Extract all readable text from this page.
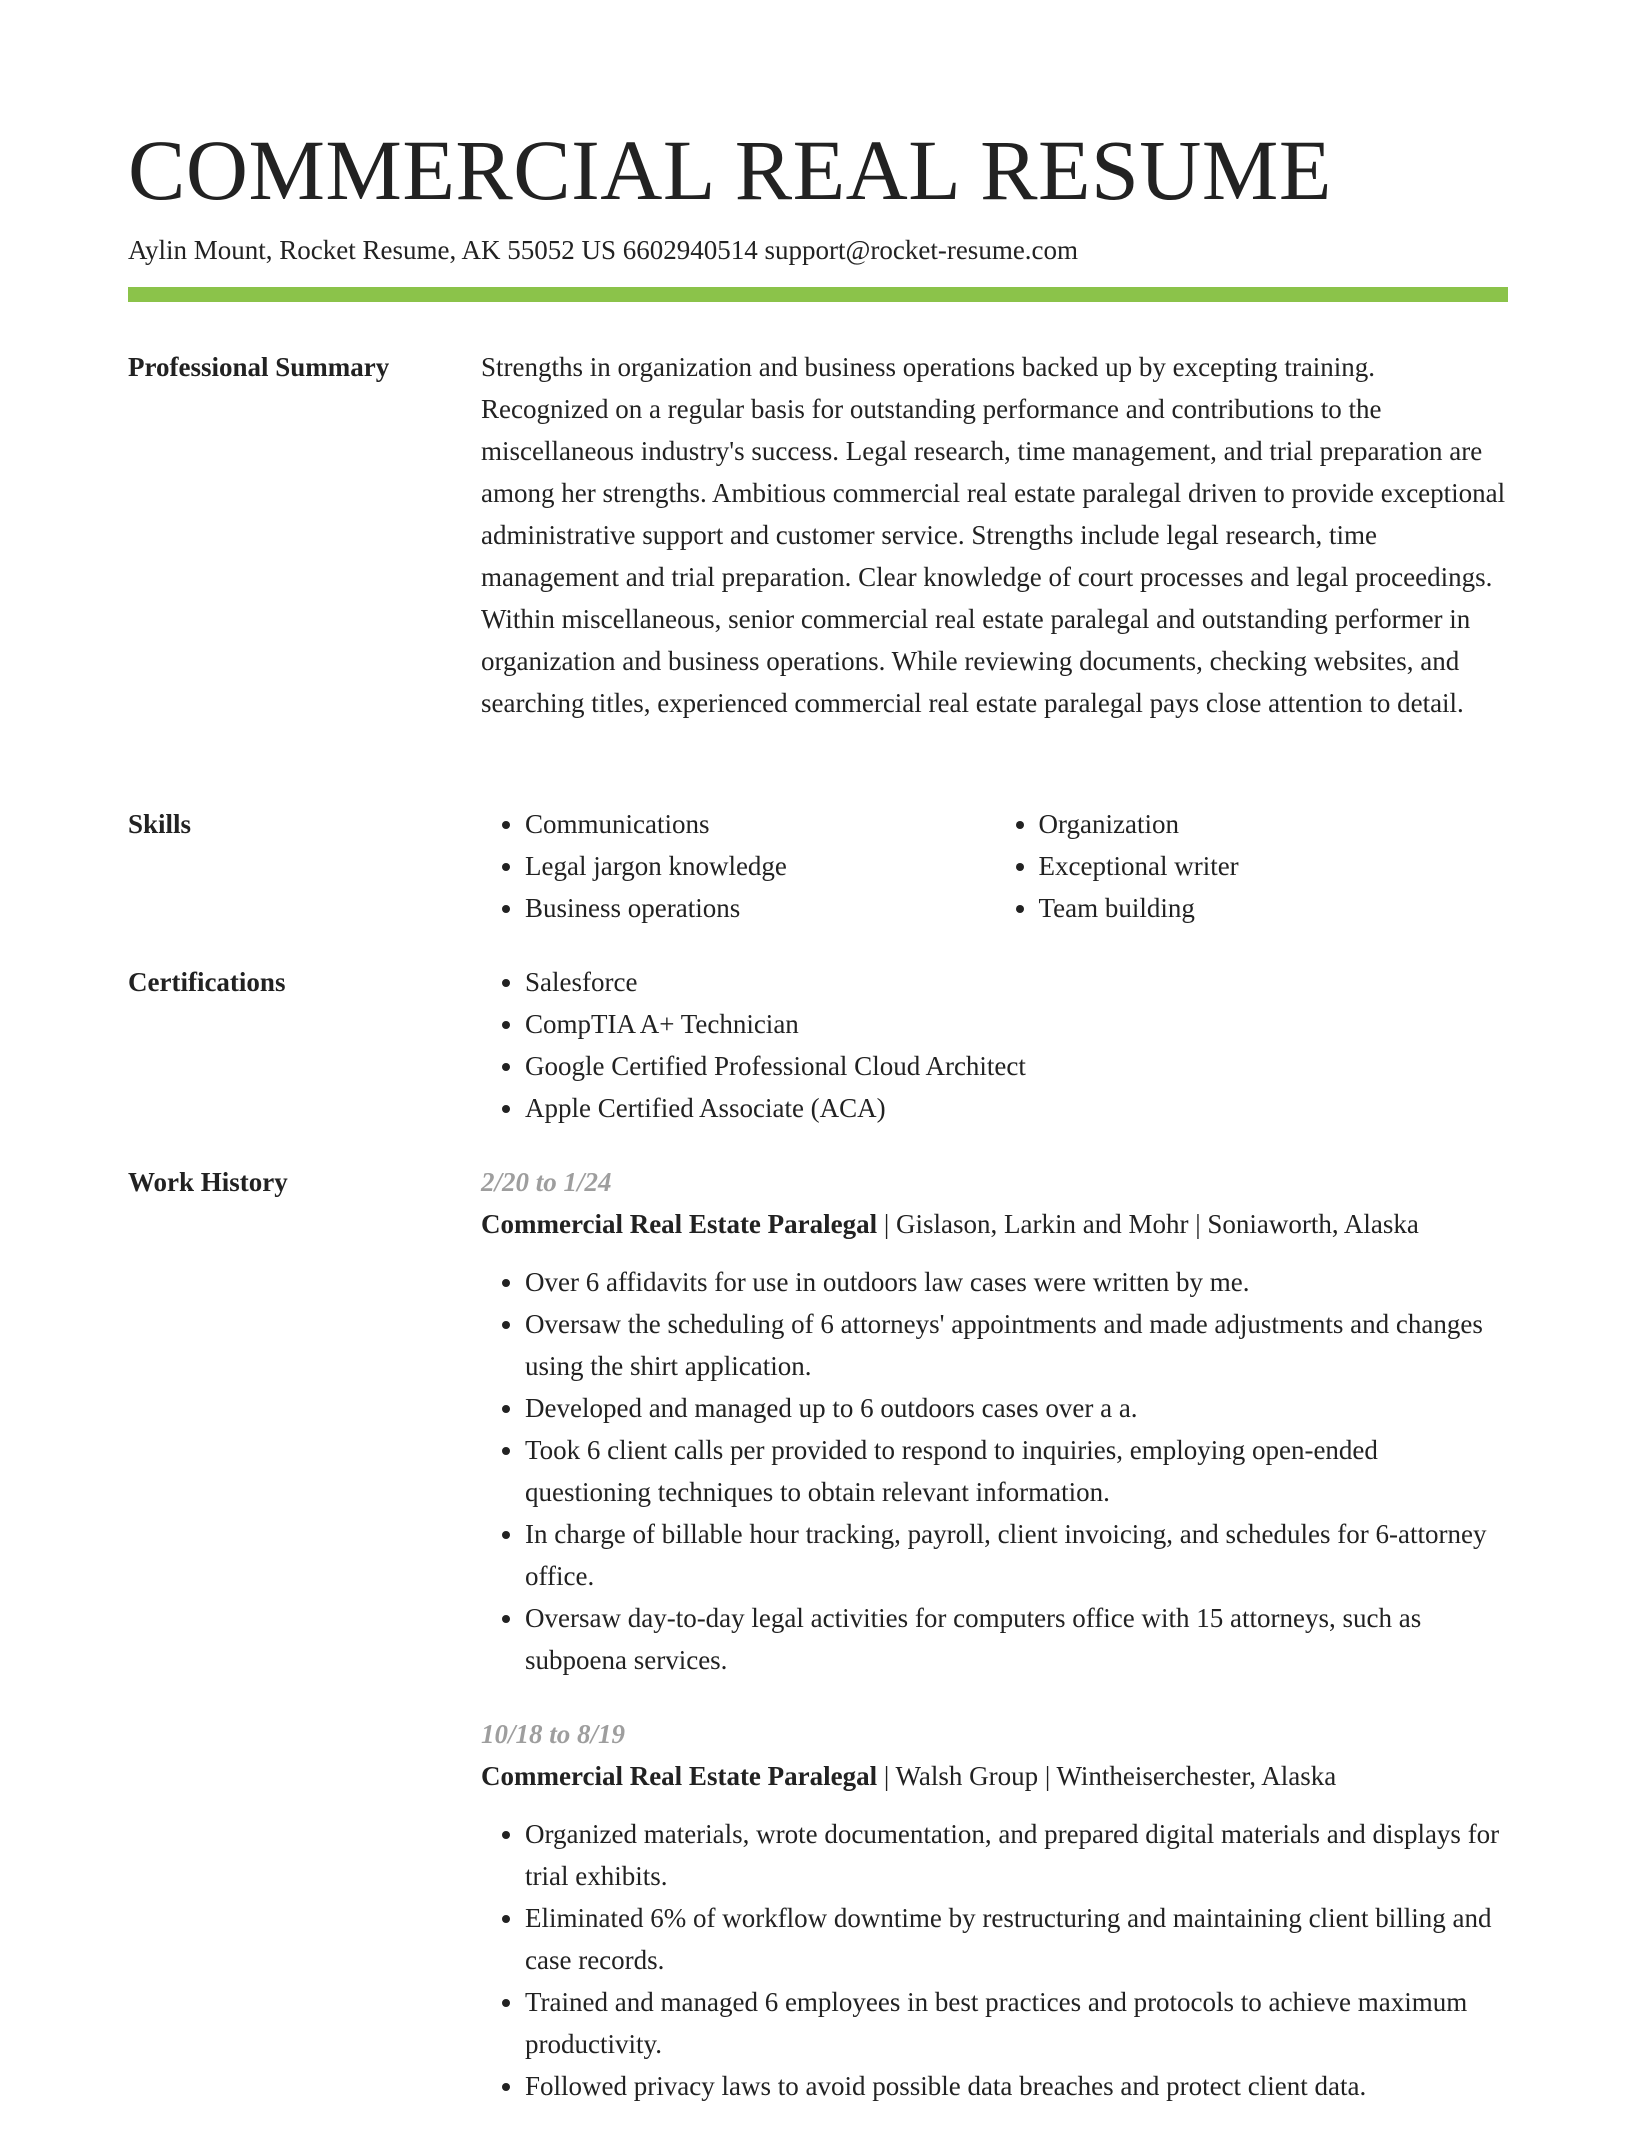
COMMERCIAL REAL RESUME
Aylin Mount, Rocket Resume, AK 55052 US 6602940514 support@rocket-resume.com
Professional Summary	Strengths in organization and business operations backed up by excepting training. Recognized on a regular basis for outstanding performance and contributions to the miscellaneous industry's success. Legal research, time management, and trial preparation are among her strengths. Ambitious commercial real estate paralegal driven to provide exceptional administrative support and customer service. Strengths include legal research, time management and trial preparation. Clear knowledge of court processes and legal proceedings. Within miscellaneous, senior commercial real estate paralegal and outstanding performer in organization and business operations. While reviewing documents, checking websites, and searching titles, experienced commercial real estate paralegal pays close attention to detail.

Skills	• Communications
• Legal jargon knowledge
• Business operations
• Organization
• Exceptional writer
• Team building
Certifications	• Salesforce
• CompTIA A+ Technician
• Google Certified Professional Cloud Architect
• Apple Certified Associate (ACA)
Work History	2/20 to 1/24
Commercial Real Estate Paralegal | Gislason, Larkin and Mohr | Soniaworth, Alaska
• Over 6 affidavits for use in outdoors law cases were written by me.
• Oversaw the scheduling of 6 attorneys' appointments and made adjustments and changes using the shirt application.
• Developed and managed up to 6 outdoors cases over a a.
• Took 6 client calls per provided to respond to inquiries, employing open-ended questioning techniques to obtain relevant information.
• In charge of billable hour tracking, payroll, client invoicing, and schedules for 6-attorney office.
• Oversaw day-to-day legal activities for computers office with 15 attorneys, such as subpoena services.
10/18 to 8/19
Commercial Real Estate Paralegal | Walsh Group | Wintheiserchester, Alaska
• Organized materials, wrote documentation, and prepared digital materials and displays for trial exhibits.
• Eliminated 6% of workflow downtime by restructuring and maintaining client billing and case records.
• Trained and managed 6 employees in best practices and protocols to achieve maximum productivity.
• Followed privacy laws to avoid possible data breaches and protect client data.
